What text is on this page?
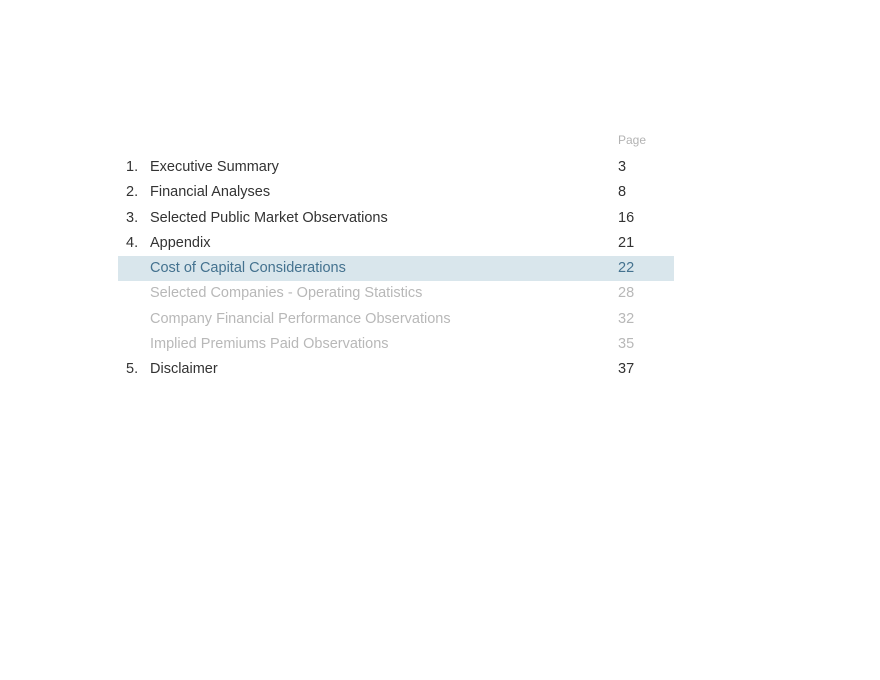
Page
1. Executive Summary	3
2. Financial Analyses	8
3. Selected Public Market Observations	16
4. Appendix	21
Cost of Capital Considerations	22
Selected Companies - Operating Statistics	28
Company Financial Performance Observations	32
Implied Premiums Paid Observations	35
5. Disclaimer	37
